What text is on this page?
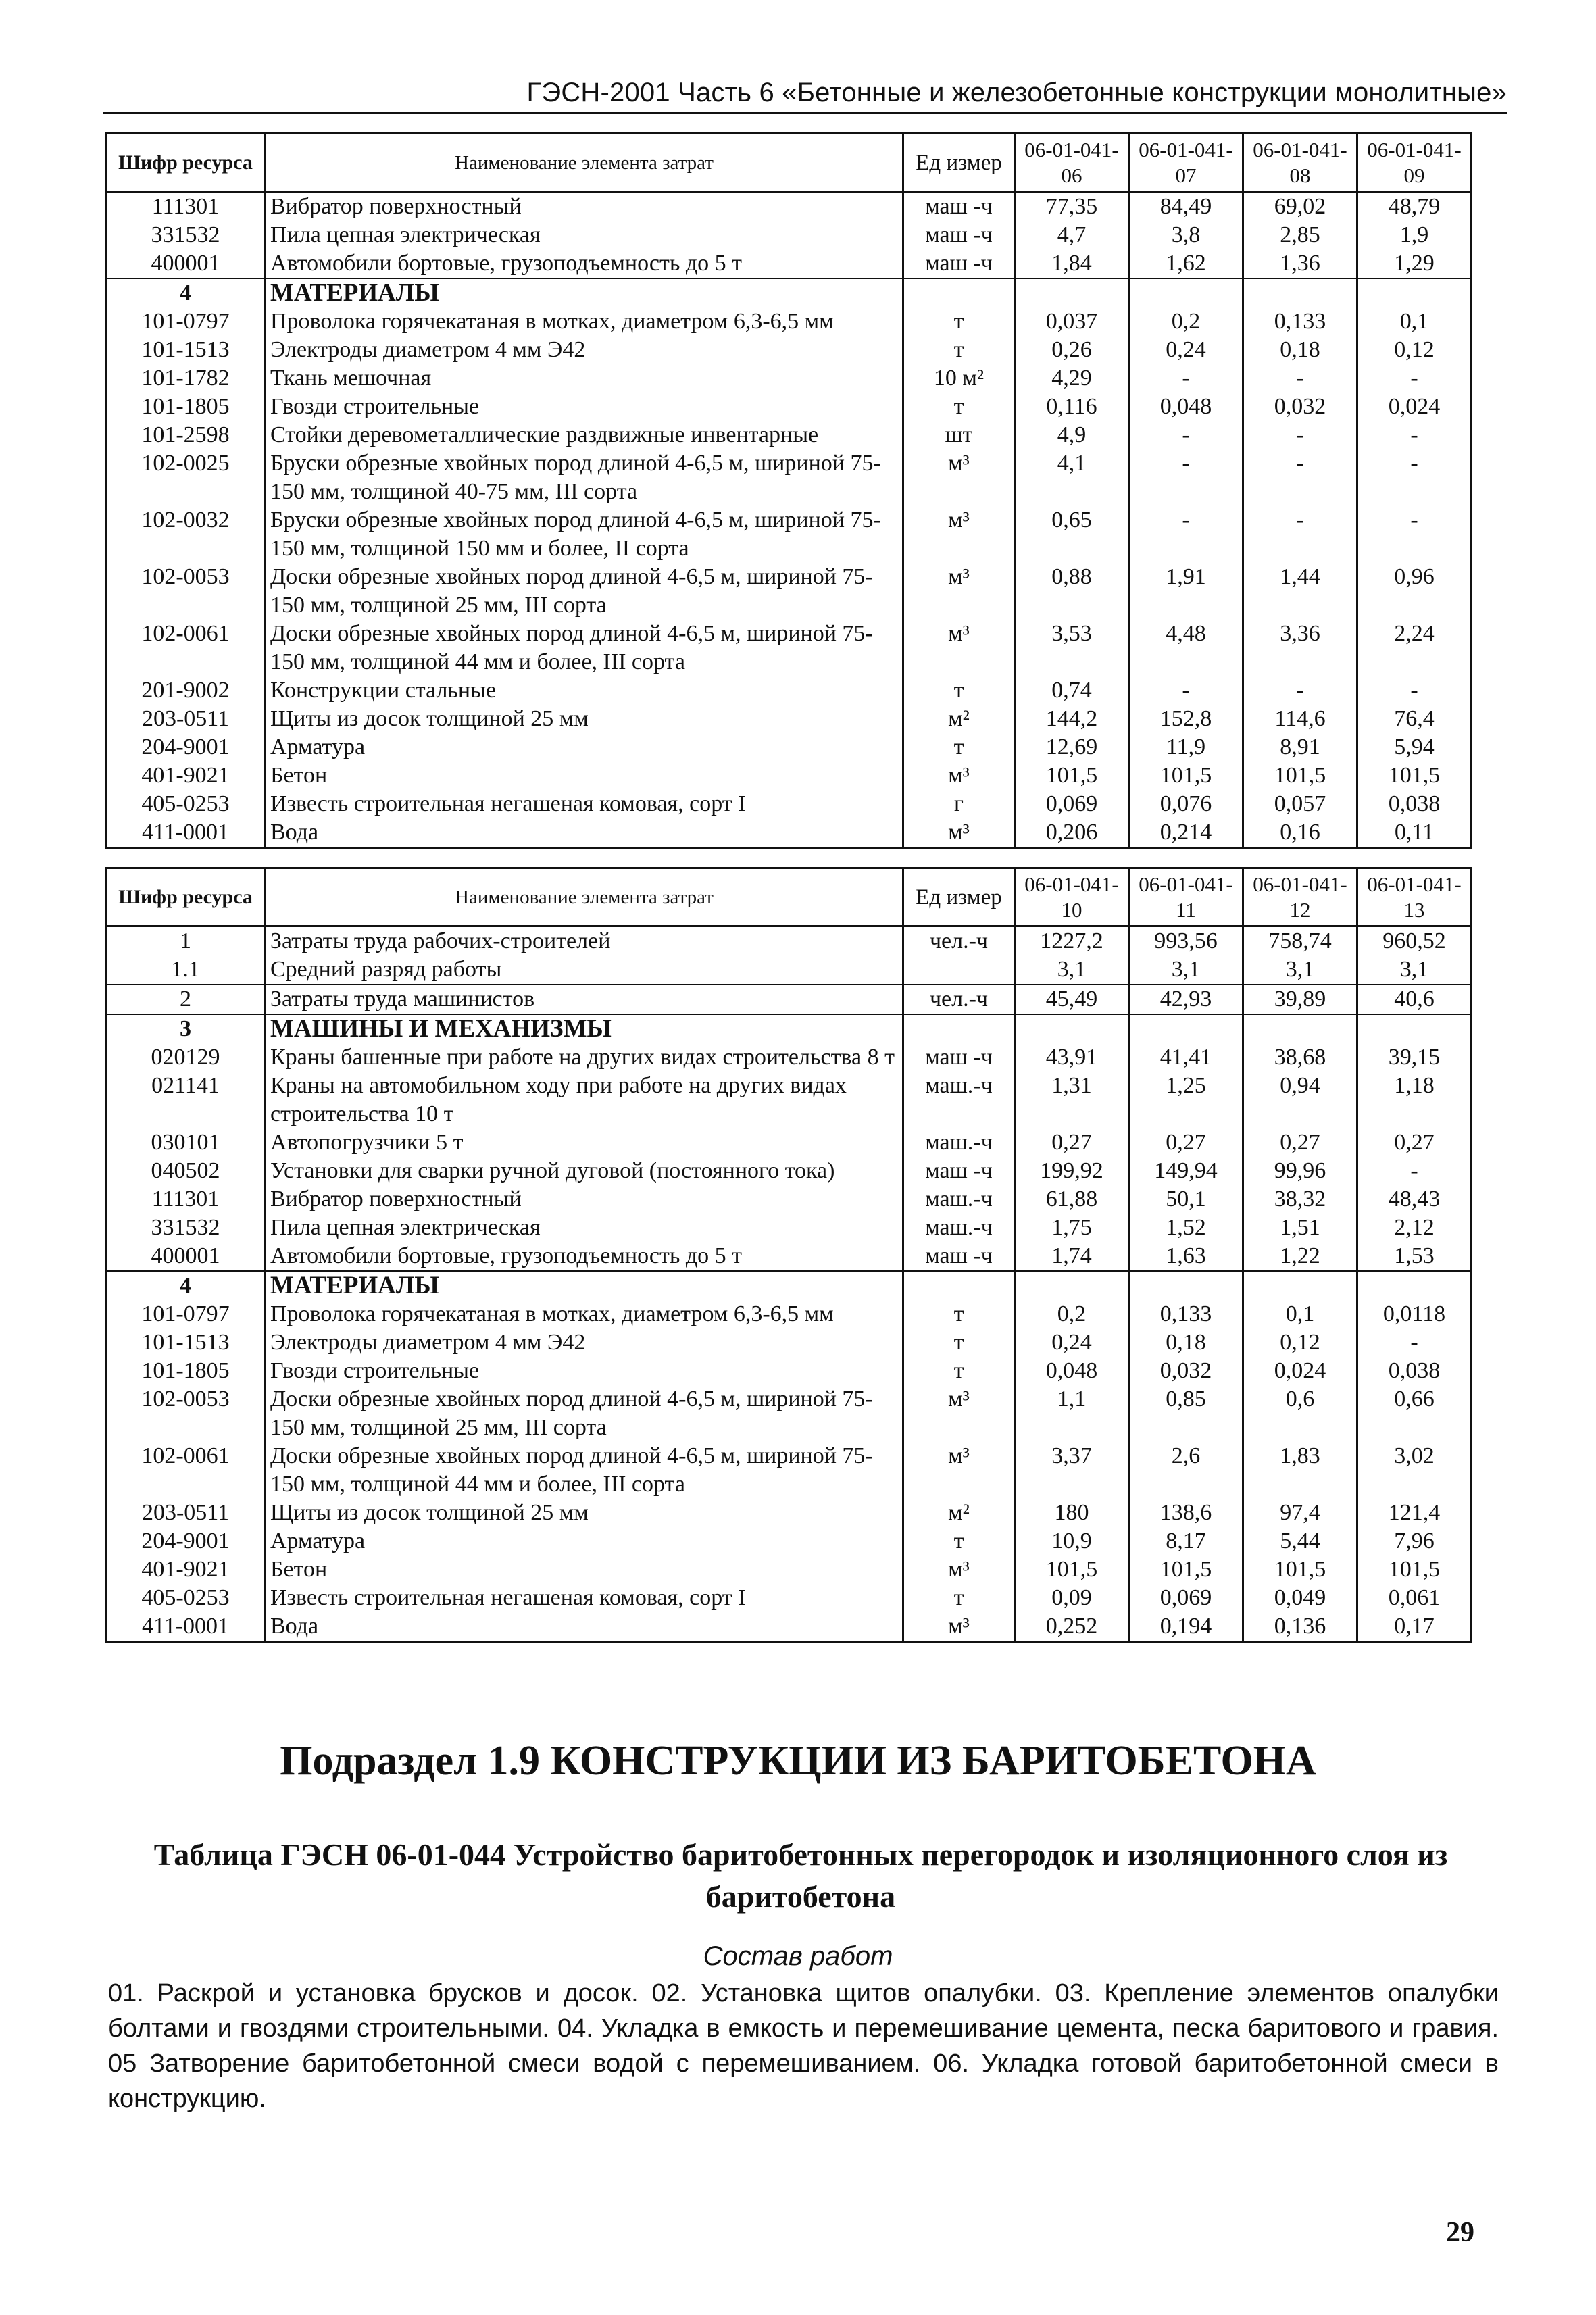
ГЭСН-2001 Часть 6 «Бетонные и железобетонные конструкции монолитные»
Шифр ресурса	Наименование элемента затрат	Ед измер	06-01-041-06	06-01-041-07	06-01-041-08	06-01-041-09
111301	Вибратор поверхностный	маш -ч	77,35	84,49	69,02	48,79
331532	Пила цепная электрическая	маш -ч	4,7	3,8	2,85	1,9
400001	Автомобили бортовые, грузоподъемность до 5 т	маш -ч	1,84	1,62	1,36	1,29
4	МАТЕРИАЛЫ					
101-0797	Проволока горячекатаная в мотках, диаметром 6,3-6,5 мм	т	0,037	0,2	0,133	0,1
101-1513	Электроды диаметром 4 мм Э42	т	0,26	0,24	0,18	0,12
101-1782	Ткань мешочная	10 м²	4,29	-	-	-
101-1805	Гвозди строительные	т	0,116	0,048	0,032	0,024
101-2598	Стойки деревометаллические раздвижные инвентарные	шт	4,9	-	-	-
102-0025	Бруски обрезные хвойных пород длиной 4-6,5 м, шириной 75-150 мм, толщиной 40-75 мм, III сорта	м³	4,1	-	-	-
102-0032	Бруски обрезные хвойных пород длиной 4-6,5 м, шириной 75-150 мм, толщиной 150 мм и более, II сорта	м³	0,65	-	-	-
102-0053	Доски обрезные хвойных пород длиной 4-6,5 м, шириной 75-150 мм, толщиной 25 мм, III сорта	м³	0,88	1,91	1,44	0,96
102-0061	Доски обрезные хвойных пород длиной 4-6,5 м, шириной 75-150 мм, толщиной 44 мм и более, III сорта	м³	3,53	4,48	3,36	2,24
201-9002	Конструкции стальные	т	0,74	-	-	-
203-0511	Щиты из досок толщиной 25 мм	м²	144,2	152,8	114,6	76,4
204-9001	Арматура	т	12,69	11,9	8,91	5,94
401-9021	Бетон	м³	101,5	101,5	101,5	101,5
405-0253	Известь строительная негашеная комовая, сорт I	г	0,069	0,076	0,057	0,038
411-0001	Вода	м³	0,206	0,214	0,16	0,11
Шифр ресурса	Наименование элемента затрат	Ед измер	06-01-041-10	06-01-041-11	06-01-041-12	06-01-041-13
1	Затраты труда рабочих-строителей	чел.-ч	1227,2	993,56	758,74	960,52
1.1	Средний разряд работы		3,1	3,1	3,1	3,1
2	Затраты труда машинистов	чел.-ч	45,49	42,93	39,89	40,6
3	МАШИНЫ И МЕХАНИЗМЫ					
020129	Краны башенные при работе на других видах строительства 8 т	маш -ч	43,91	41,41	38,68	39,15
021141	Краны на автомобильном ходу при работе на других видах строительства 10 т	маш.-ч	1,31	1,25	0,94	1,18
030101	Автопогрузчики 5 т	маш.-ч	0,27	0,27	0,27	0,27
040502	Установки для сварки ручной дуговой (постоянного тока)	маш -ч	199,92	149,94	99,96	-
111301	Вибратор поверхностный	маш.-ч	61,88	50,1	38,32	48,43
331532	Пила цепная электрическая	маш.-ч	1,75	1,52	1,51	2,12
400001	Автомобили бортовые, грузоподъемность до 5 т	маш -ч	1,74	1,63	1,22	1,53
4	МАТЕРИАЛЫ					
101-0797	Проволока горячекатаная в мотках, диаметром 6,3-6,5 мм	т	0,2	0,133	0,1	0,0118
101-1513	Электроды диаметром 4 мм Э42	т	0,24	0,18	0,12	-
101-1805	Гвозди строительные	т	0,048	0,032	0,024	0,038
102-0053	Доски обрезные хвойных пород длиной 4-6,5 м, шириной 75-150 мм, толщиной 25 мм, III сорта	м³	1,1	0,85	0,6	0,66
102-0061	Доски обрезные хвойных пород длиной 4-6,5 м, шириной 75-150 мм, толщиной 44 мм и более, III сорта	м³	3,37	2,6	1,83	3,02
203-0511	Щиты из досок толщиной 25 мм	м²	180	138,6	97,4	121,4
204-9001	Арматура	т	10,9	8,17	5,44	7,96
401-9021	Бетон	м³	101,5	101,5	101,5	101,5
405-0253	Известь строительная негашеная комовая, сорт I	т	0,09	0,069	0,049	0,061
411-0001	Вода	м³	0,252	0,194	0,136	0,17
Подраздел 1.9 КОНСТРУКЦИИ ИЗ БАРИТОБЕТОНА
Таблица ГЭСН 06-01-044 Устройство баритобетонных перегородок и изоляционного слоя из баритобетона
Состав работ
01. Раскрой и установка брусков и досок. 02. Установка щитов опалубки. 03. Крепление элементов опалубки болтами и гвоздями строительными. 04. Укладка в емкость и перемешивание цемента, песка баритового и гравия. 05 Затворение баритобетонной смеси водой с перемешиванием. 06. Укладка готовой баритобетонной смеси в конструкцию.
29
